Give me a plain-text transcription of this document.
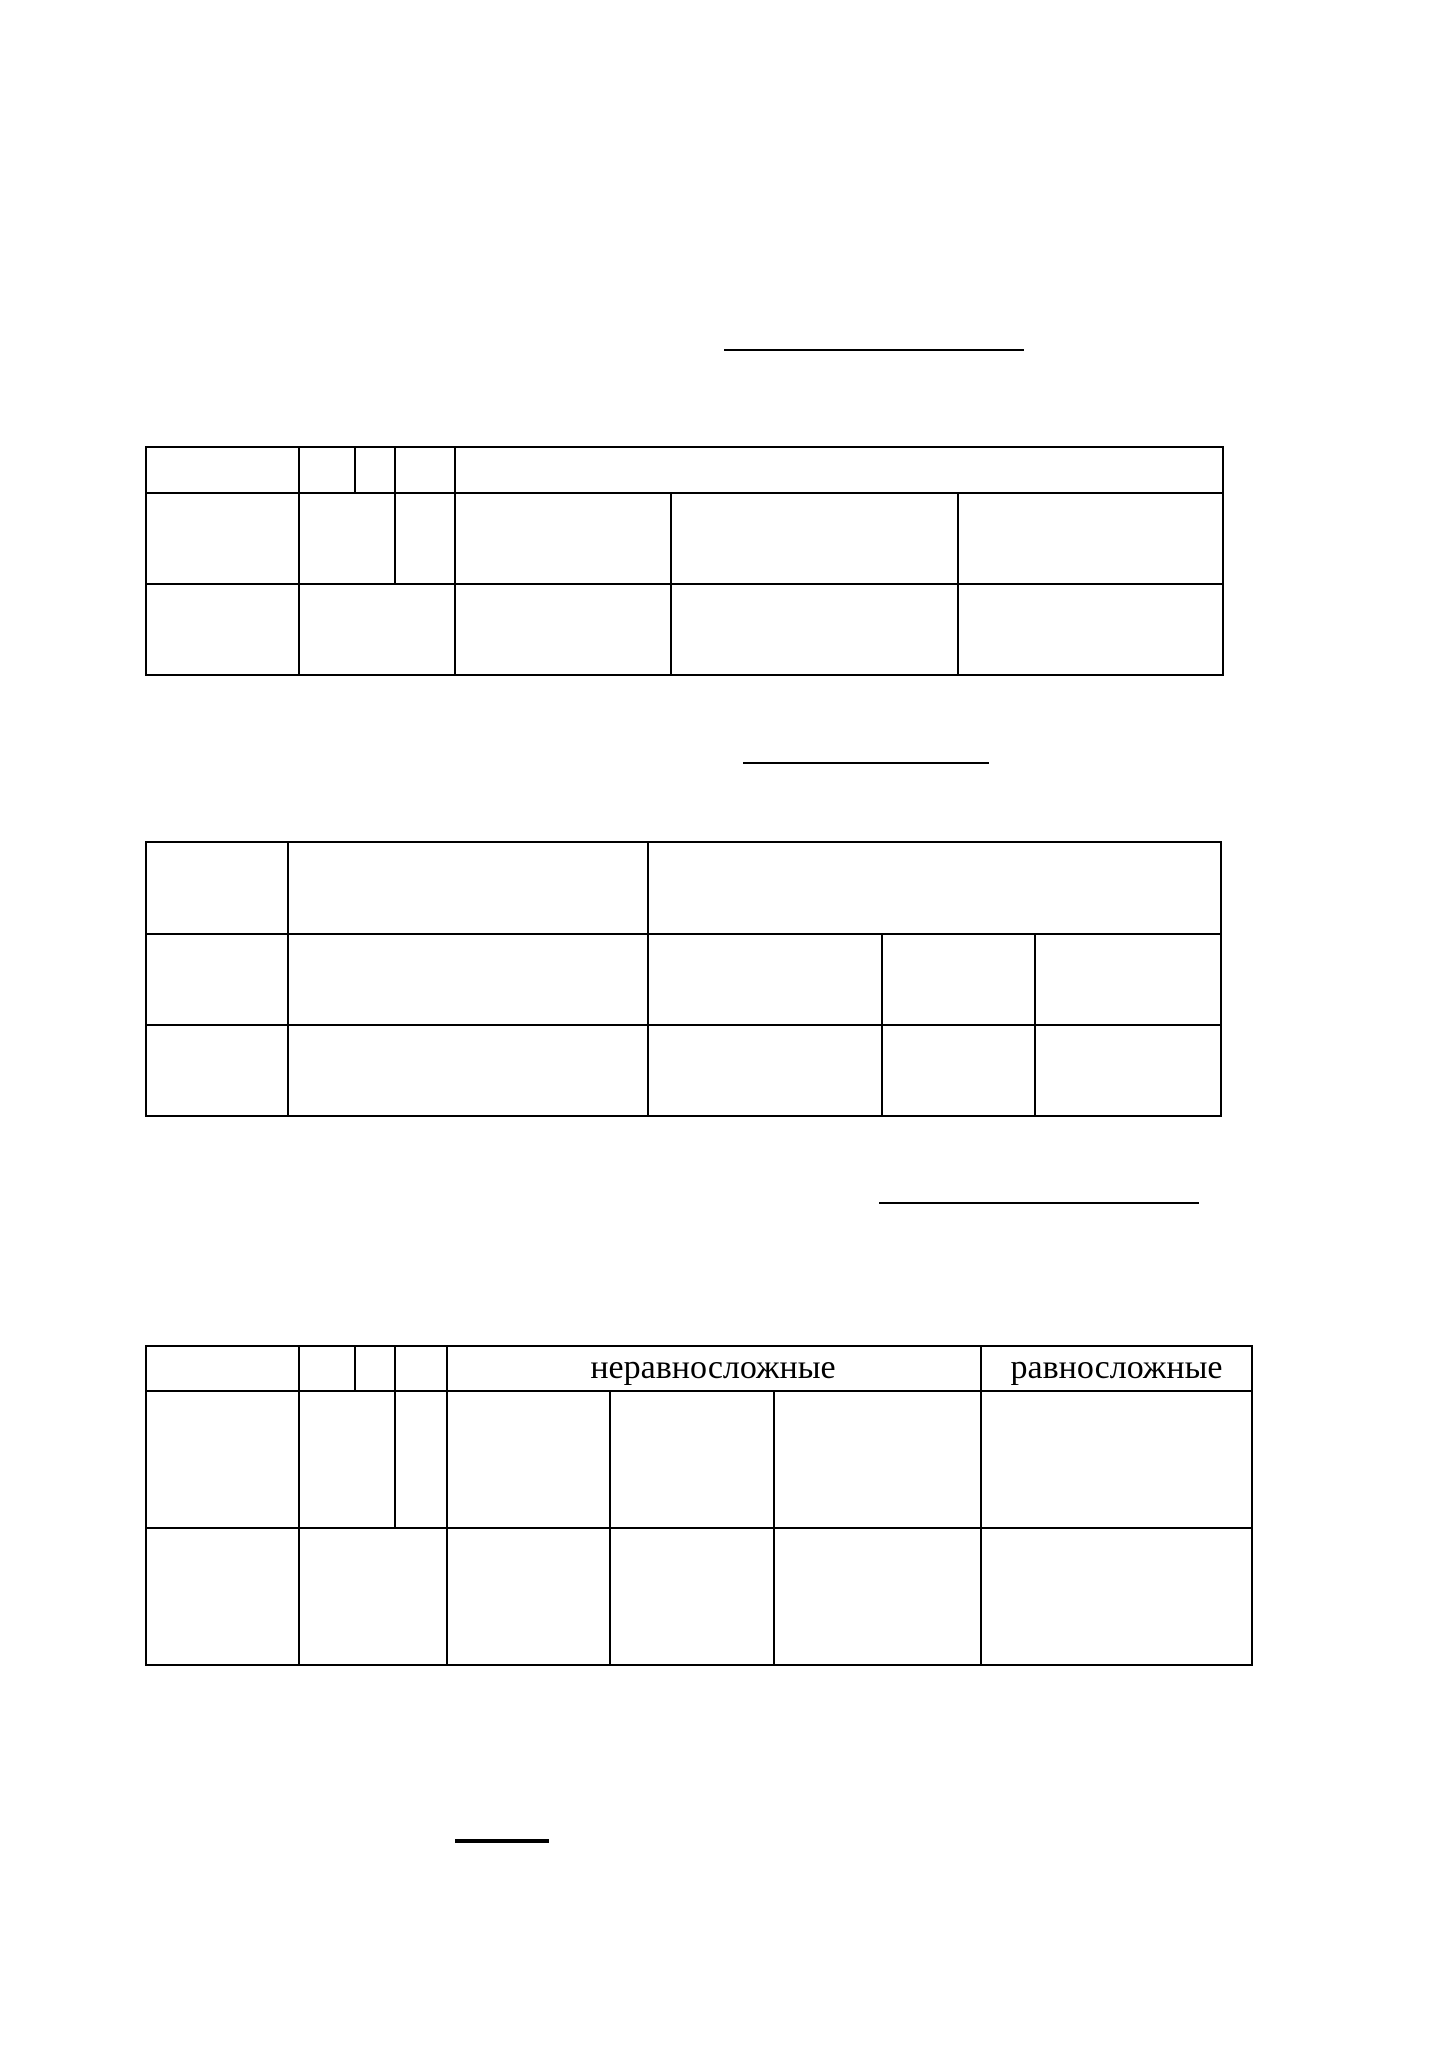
неравносложные	равносложные
